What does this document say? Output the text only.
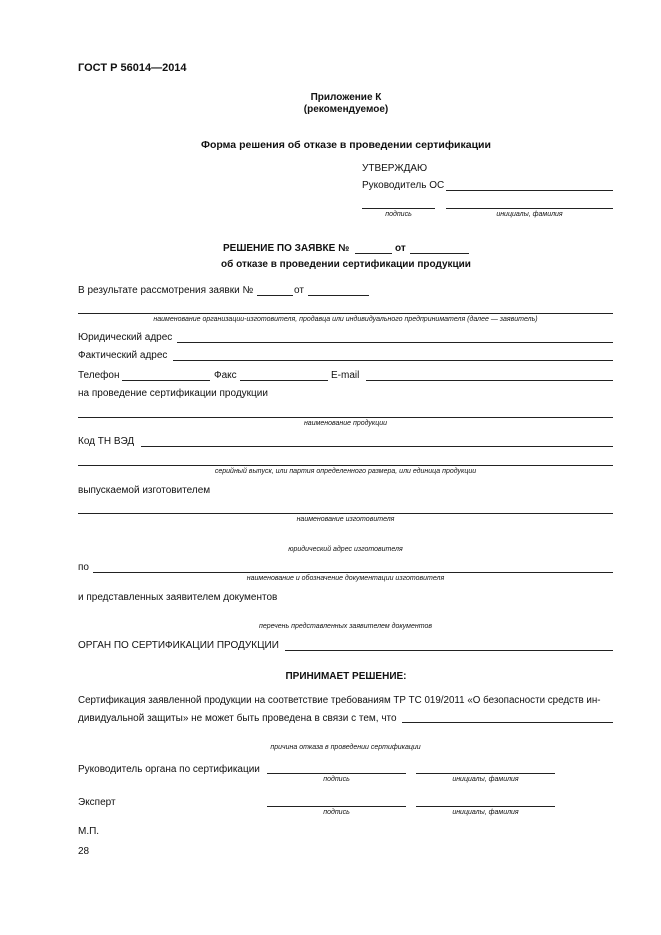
ГОСТ Р 56014—2014
Приложение К
(рекомендуемое)
Форма решения об отказе в проведении сертификации
УТВЕРЖДАЮ
Руководитель ОС
подпись	инициалы, фамилия
РЕШЕНИЕ ПО ЗАЯВКЕ №	от
об отказе в проведении сертификации продукции
В результате рассмотрения заявки №	от
наименование организации-изготовителя, продавца или индивидуального предпринимателя (далее — заявитель)
Юридический адрес
Фактический адрес
Телефон	Факс	E-mail
на проведение сертификации продукции
наименование продукции
Код ТН ВЭД
серийный выпуск, или партия определенного размера, или единица продукции
выпускаемой изготовителем
наименование изготовителя
юридический адрес изготовителя
по
наименование и обозначение документации изготовителя
и представленных заявителем документов
перечень представленных заявителем документов
ОРГАН ПО СЕРТИФИКАЦИИ ПРОДУКЦИИ
ПРИНИМАЕТ РЕШЕНИЕ:
Сертификация заявленной продукции на соответствие требованиям ТР ТС 019/2011 «О безопасности средств ин-
дивидуальной защиты» не может быть проведена в связи с тем, что
причина отказа в проведении сертификации
Руководитель органа по сертификации
подпись	инициалы, фамилия
Эксперт
подпись	инициалы, фамилия
М.П.
28
